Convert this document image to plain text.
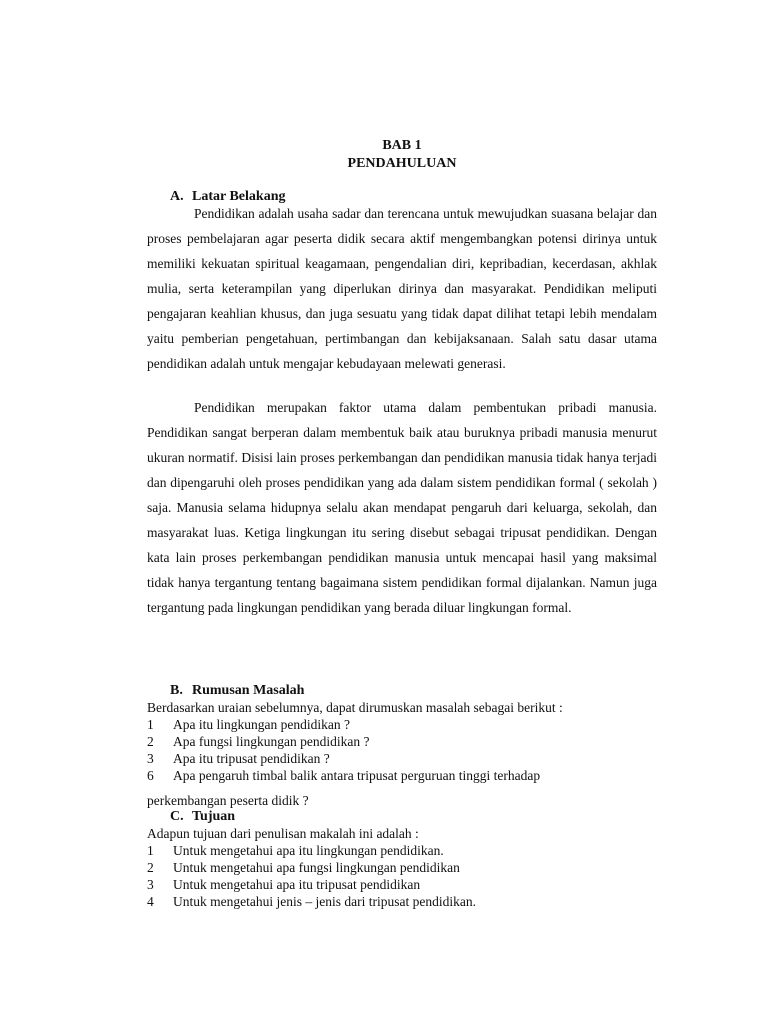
BAB 1
PENDAHULUAN
A. Latar Belakang
Pendidikan adalah usaha sadar dan terencana untuk mewujudkan suasana belajar dan proses pembelajaran agar peserta didik secara aktif mengembangkan potensi dirinya untuk memiliki kekuatan spiritual keagamaan, pengendalian diri, kepribadian, kecerdasan, akhlak mulia, serta keterampilan yang diperlukan dirinya dan masyarakat. Pendidikan meliputi pengajaran keahlian khusus, dan juga sesuatu yang tidak dapat dilihat tetapi lebih mendalam yaitu pemberian pengetahuan, pertimbangan dan kebijaksanaan. Salah satu dasar utama pendidikan adalah untuk mengajar kebudayaan melewati generasi.
Pendidikan merupakan faktor utama dalam pembentukan pribadi manusia. Pendidikan sangat berperan dalam membentuk baik atau buruknya pribadi manusia menurut ukuran normatif. Disisi lain proses perkembangan dan pendidikan manusia tidak hanya terjadi dan dipengaruhi oleh proses pendidikan yang ada dalam sistem pendidikan formal ( sekolah ) saja. Manusia selama hidupnya selalu akan mendapat pengaruh dari keluarga, sekolah, dan masyarakat luas. Ketiga lingkungan itu sering disebut sebagai tripusat pendidikan. Dengan kata lain proses perkembangan pendidikan manusia untuk mencapai hasil yang maksimal tidak hanya tergantung tentang bagaimana sistem pendidikan formal dijalankan. Namun juga tergantung pada lingkungan pendidikan yang berada diluar lingkungan formal.
B. Rumusan Masalah
Berdasarkan uraian sebelumnya, dapat dirumuskan masalah sebagai berikut :
1 Apa itu lingkungan pendidikan ?
2 Apa fungsi lingkungan pendidikan ?
3 Apa itu tripusat pendidikan ?
6 Apa pengaruh timbal balik antara tripusat perguruan tinggi terhadap
perkembangan peserta didik ?
C. Tujuan
Adapun tujuan dari penulisan makalah ini adalah :
1 Untuk mengetahui apa itu lingkungan pendidikan.
2 Untuk mengetahui apa fungsi lingkungan pendidikan
3 Untuk mengetahui apa itu tripusat pendidikan
4 Untuk mengetahui jenis – jenis dari tripusat pendidikan.
